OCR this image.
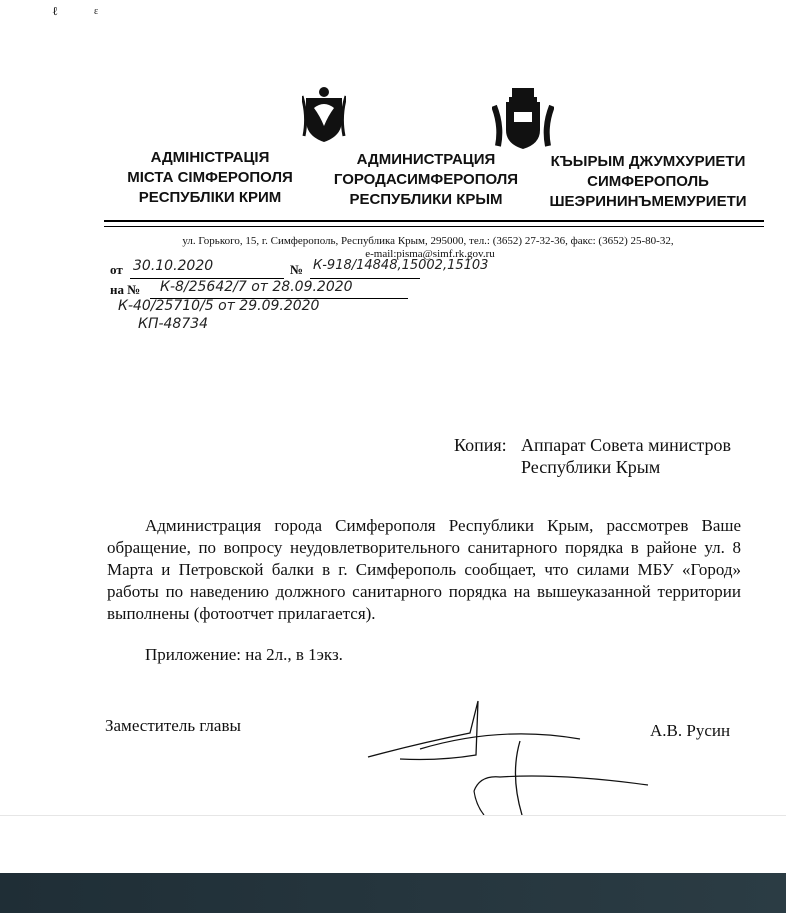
АДМІНІСТРАЦІЯ
МІСТА СІМФЕРОПОЛЯ
РЕСПУБЛІКИ КРИМ
АДМИНИСТРАЦИЯ
ГОРОДАСИМФЕРОПОЛЯ
РЕСПУБЛИКИ КРЫМ
КЪЫРЫМ ДЖУМХУРИЕТИ
СИМФЕРОПОЛЬ
ШЕЭРИНИНЪМЕМУРИЕТИ
ул. Горького, 15, г. Симферополь, Республика Крым, 295000, тел.: (3652) 27-32-36, факс: (3652) 25-80-32,
e-mail:pisma@simf.rk.gov.ru
от 30.10.2020	№ К-918/14848,15002,15103
на № К-8/25642/7 от 28.09.2020
К-40/25710/5 от 29.09.2020
КП-48734
Копия: Аппарат Совета министров
Республики Крым
Администрация города Симферополя Республики Крым, рассмотрев Ваше обращение, по вопросу неудовлетворительного санитарного порядка в районе ул. 8 Марта и Петровской балки в г. Симферополь сообщает, что силами МБУ «Город» работы по наведению должного санитарного порядка на вышеуказанной территории выполнены (фотоотчет прилагается).
Приложение: на 2л., в 1экз.
Заместитель главы	А.В. Русин
ℓ	ɛ
